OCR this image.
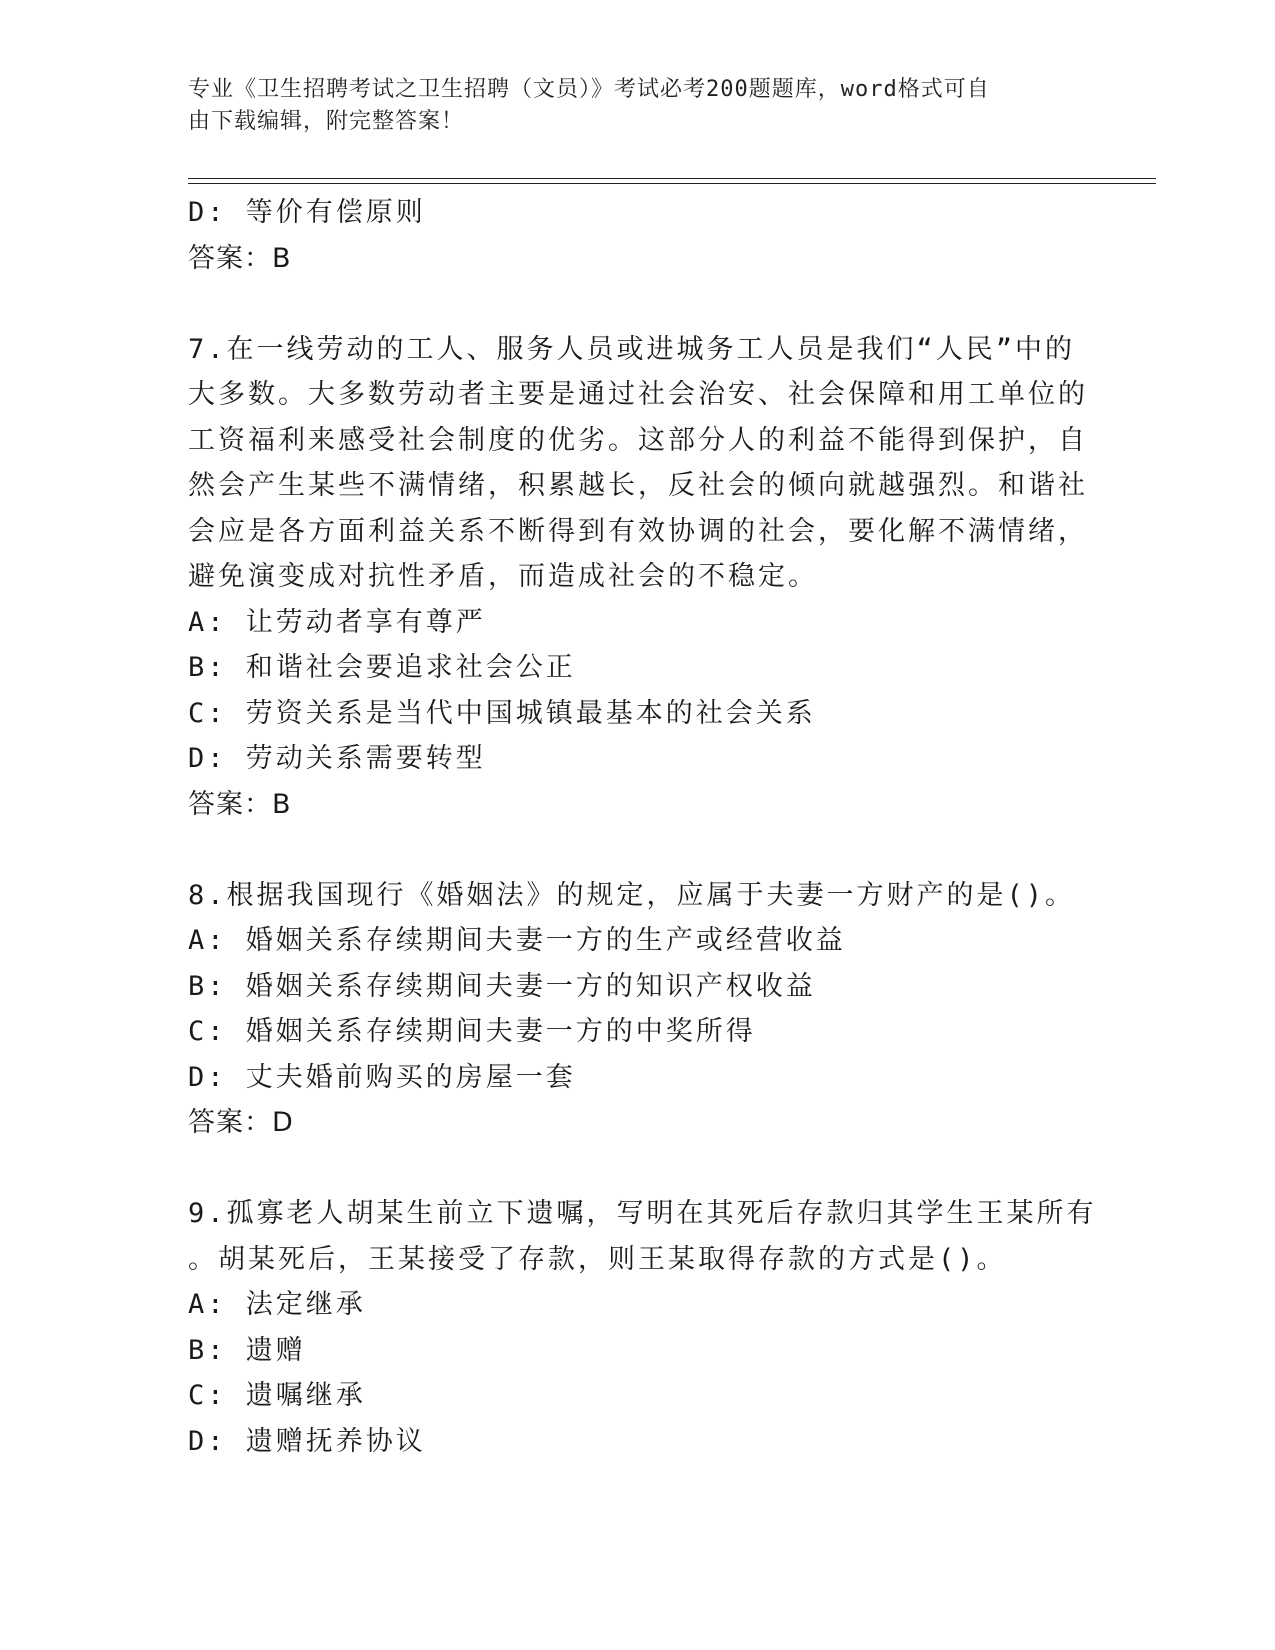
专业《卫生招聘考试之卫生招聘（文员）》考试必考200题题库，word格式可自
由下载编辑，附完整答案！
D: 等价有偿原则
答案：B
7.在一线劳动的工人、服务人员或进城务工人员是我们“人民”中的
大多数。大多数劳动者主要是通过社会治安、社会保障和用工单位的
工资福利来感受社会制度的优劣。这部分人的利益不能得到保护，自
然会产生某些不满情绪，积累越长，反社会的倾向就越强烈。和谐社
会应是各方面利益关系不断得到有效协调的社会，要化解不满情绪，
避免演变成对抗性矛盾，而造成社会的不稳定。
A: 让劳动者享有尊严
B: 和谐社会要追求社会公正
C: 劳资关系是当代中国城镇最基本的社会关系
D: 劳动关系需要转型
答案：B
8.根据我国现行《婚姻法》的规定，应属于夫妻一方财产的是()。
A: 婚姻关系存续期间夫妻一方的生产或经营收益
B: 婚姻关系存续期间夫妻一方的知识产权收益
C: 婚姻关系存续期间夫妻一方的中奖所得
D: 丈夫婚前购买的房屋一套
答案：D
9.孤寡老人胡某生前立下遗嘱，写明在其死后存款归其学生王某所有
。胡某死后，王某接受了存款，则王某取得存款的方式是()。
A: 法定继承
B: 遗赠
C: 遗嘱继承
D: 遗赠抚养协议
